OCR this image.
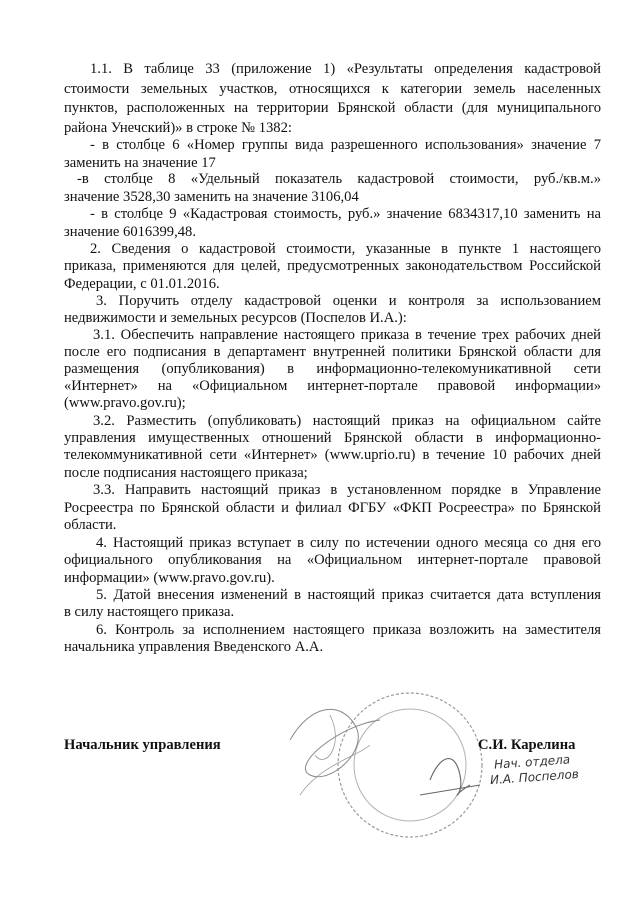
1.1. В таблице 33 (приложение 1) «Результаты определения кадастровой
стоимости земельных участков, относящихся к категории земель населенных
пунктов, расположенных на территории Брянской области (для муниципального
района Унечский)» в строке № 1382:
- в столбце 6 «Номер группы вида разрешенного использования» значение 7
заменить на значение 17
-в столбце 8 «Удельный показатель кадастровой стоимости, руб./кв.м.»
значение 3528,30 заменить на значение 3106,04
- в столбце 9 «Кадастровая стоимость, руб.» значение 6834317,10 заменить на
значение 6016399,48.
2. Сведения о кадастровой стоимости, указанные в пункте 1 настоящего
приказа, применяются для целей, предусмотренных законодательством Российской
Федерации, с 01.01.2016.
3. Поручить отделу кадастровой оценки и контроля за использованием
недвижимости и земельных ресурсов (Поспелов И.А.):
3.1. Обеспечить направление настоящего приказа в течение трех рабочих дней
после его подписания в департамент внутренней политики Брянской области для
размещения (опубликования) в информационно-телекомуникативной сети
«Интернет» на «Официальном интернет-портале правовой информации»
(www.pravo.gov.ru);
3.2. Разместить (опубликовать) настоящий приказ на официальном сайте
управления имущественных отношений Брянской области в информационно-
телекоммуникативной сети «Интернет» (www.uprio.ru) в течение 10 рабочих дней
после подписания настоящего приказа;
3.3. Направить настоящий приказ в установленном порядке в Управление
Росреестра по Брянской области и филиал ФГБУ «ФКП Росреестра» по Брянской
области.
4. Настоящий приказ вступает в силу по истечении одного месяца со дня его
официального опубликования на «Официальном интернет-портале правовой
информации» (www.pravo.gov.ru).
5. Датой внесения изменений в настоящий приказ считается дата вступления
в силу настоящего приказа.
6. Контроль за исполнением настоящего приказа возложить на заместителя
начальника управления Введенского А.А.
Начальник управления	С.И. Карелина
Нач. отдела
И.А. Поспелов
